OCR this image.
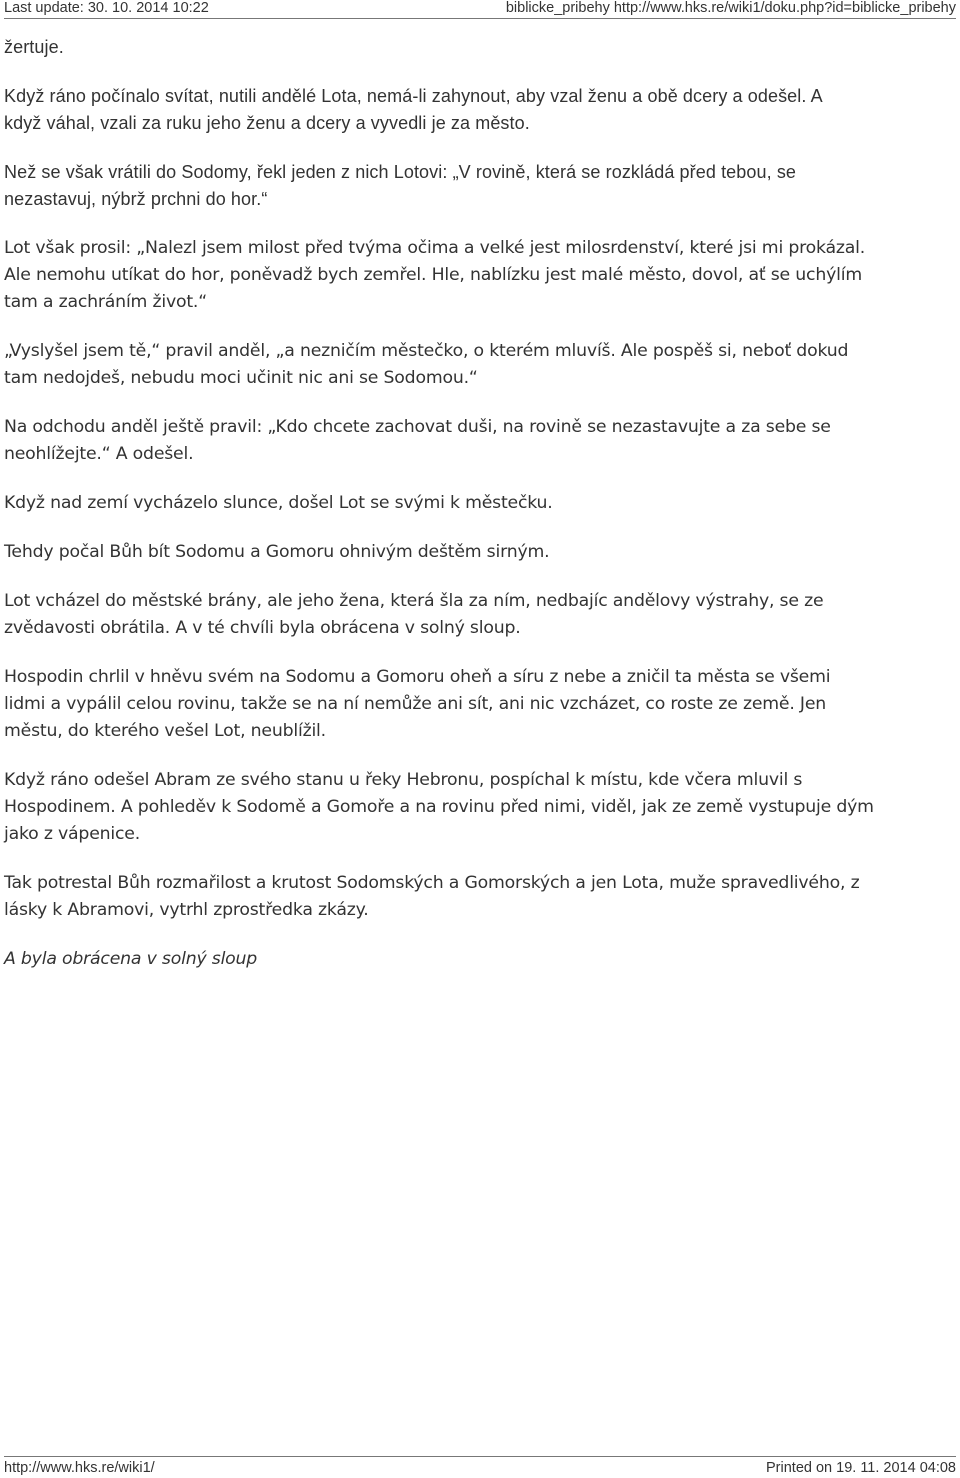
Last update: 30. 10. 2014 10:22	biblicke_pribehy http://www.hks.re/wiki1/doku.php?id=biblicke_pribehy

žertuje.

Když ráno počínalo svítat, nutili andělé Lota, nemá-li zahynout, aby vzal ženu a obě dcery a odešel. A
když váhal, vzali za ruku jeho ženu a dcery a vyvedli je za město.

Než se však vrátili do Sodomy, řekl jeden z nich Lotovi: „V rovině, která se rozkládá před tebou, se
nezastavuj, nýbrž prchni do hor.“

Lot však prosil: „Nalezl jsem milost před tvýma očima a velké jest milosrdenství, které jsi mi prokázal.
Ale nemohu utíkat do hor, poněvadž bych zemřel. Hle, nablízku jest malé město, dovol, ať se uchýlím
tam a zachráním život.“

„Vyslyšel jsem tě,“ pravil anděl, „a nezničím městečko, o kterém mluvíš. Ale pospěš si, neboť dokud
tam nedojdeš, nebudu moci učinit nic ani se Sodomou.“

Na odchodu anděl ještě pravil: „Kdo chcete zachovat duši, na rovině se nezastavujte a za sebe se
neohlížejte.“ A odešel.

Když nad zemí vycházelo slunce, došel Lot se svými k městečku.

Tehdy počal Bůh bít Sodomu a Gomoru ohnivým deštěm sirným.

Lot vcházel do městské brány, ale jeho žena, která šla za ním, nedbajíc andělovy výstrahy, se ze
zvědavosti obrátila. A v té chvíli byla obrácena v solný sloup.

Hospodin chrlil v hněvu svém na Sodomu a Gomoru oheň a síru z nebe a zničil ta města se všemi
lidmi a vypálil celou rovinu, takže se na ní nemůže ani sít, ani nic vzcházet, co roste ze země. Jen
městu, do kterého vešel Lot, neublížil.

Když ráno odešel Abram ze svého stanu u řeky Hebronu, pospíchal k místu, kde včera mluvil s
Hospodinem. A pohleděv k Sodomě a Gomoře a na rovinu před nimi, viděl, jak ze země vystupuje dým
jako z vápenice.

Tak potrestal Bůh rozmařilost a krutost Sodomských a Gomorských a jen Lota, muže spravedlivého, z
lásky k Abramovi, vytrhl zprostředka zkázy.

A byla obrácena v solný sloup

http://www.hks.re/wiki1/	Printed on 19. 11. 2014 04:08
